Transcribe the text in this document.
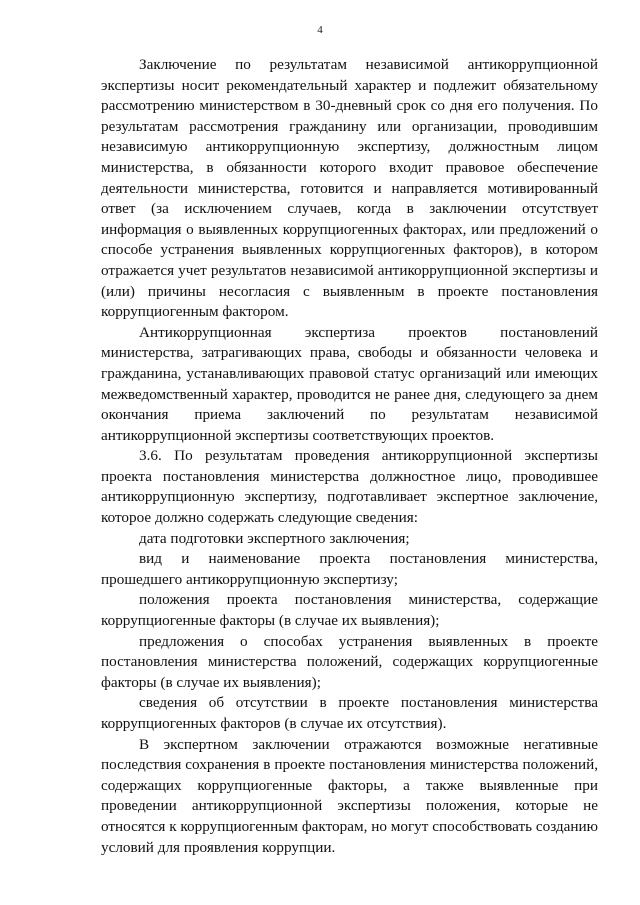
4

Заключение по результатам независимой антикоррупционной экспертизы носит рекомендательный характер и подлежит обязательному рассмотрению министерством в 30-дневный срок со дня его получения. По результатам рассмотрения гражданину или организации, проводившим независимую антикоррупционную экспертизу, должностным лицом министерства, в обязанности которого входит правовое обеспечение деятельности министерства, готовится и направляется мотивированный ответ (за исключением случаев, когда в заключении отсутствует информация о выявленных коррупциогенных факторах, или предложений о способе устранения выявленных коррупциогенных факторов), в котором отражается учет результатов независимой антикоррупционной экспертизы и (или) причины несогласия с выявленным в проекте постановления коррупциогенным фактором.

Антикоррупционная экспертиза проектов постановлений министерства, затрагивающих права, свободы и обязанности человека и гражданина, устанавливающих правовой статус организаций или имеющих межведомственный характер, проводится не ранее дня, следующего за днем окончания приема заключений по результатам независимой антикоррупционной экспертизы соответствующих проектов.

3.6. По результатам проведения антикоррупционной экспертизы проекта постановления министерства должностное лицо, проводившее антикоррупционную экспертизу, подготавливает экспертное заключение, которое должно содержать следующие сведения:

дата подготовки экспертного заключения;

вид и наименование проекта постановления министерства, прошедшего антикоррупционную экспертизу;

положения проекта постановления министерства, содержащие коррупциогенные факторы (в случае их выявления);

предложения о способах устранения выявленных в проекте постановления министерства положений, содержащих коррупциогенные факторы (в случае их выявления);

сведения об отсутствии в проекте постановления министерства коррупциогенных факторов (в случае их отсутствия).

В экспертном заключении отражаются возможные негативные последствия сохранения в проекте постановления министерства положений, содержащих коррупциогенные факторы, а также выявленные при проведении антикоррупционной экспертизы положения, которые не относятся к коррупциогенным факторам, но могут способствовать созданию условий для проявления коррупции.
